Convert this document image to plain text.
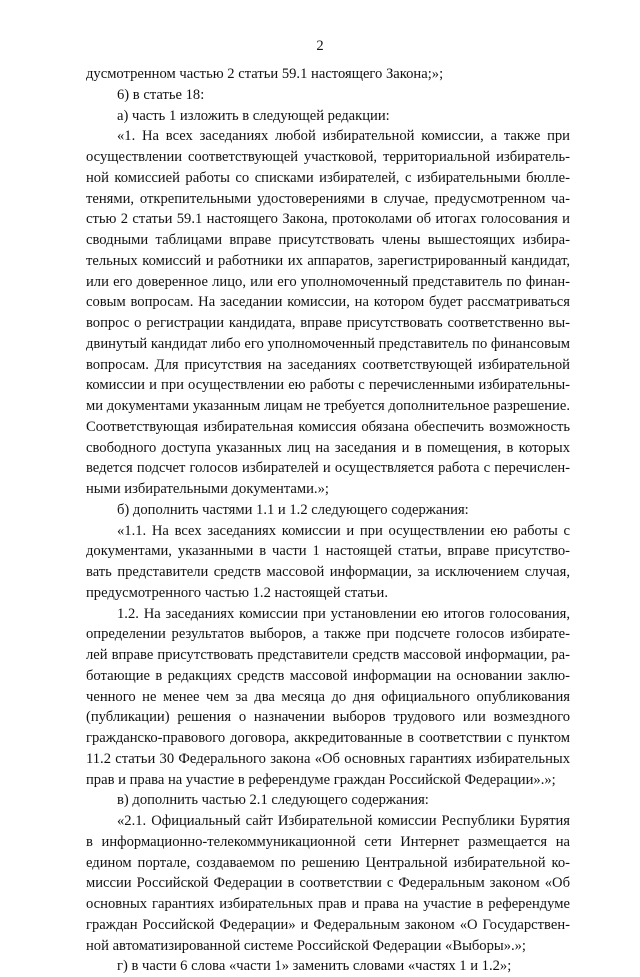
2
дусмотренном частью 2 статьи 59.1 настоящего Закона;»;
6) в статье 18:
а) часть 1 изложить в следующей редакции:
«1. На всех заседаниях любой избирательной комиссии, а также при
осуществлении соответствующей участковой, территориальной избиратель-
ной комиссией работы со списками избирателей, с избирательными бюлле-
тенями, открепительными удостоверениями в случае, предусмотренном ча-
стью 2 статьи 59.1 настоящего Закона, протоколами об итогах голосования и
сводными таблицами вправе присутствовать члены вышестоящих избира-
тельных комиссий и работники их аппаратов, зарегистрированный кандидат,
или его доверенное лицо, или его уполномоченный представитель по финан-
совым вопросам. На заседании комиссии, на котором будет рассматриваться
вопрос о регистрации кандидата, вправе присутствовать соответственно вы-
двинутый кандидат либо его уполномоченный представитель по финансовым
вопросам. Для присутствия на заседаниях соответствующей избирательной
комиссии и при осуществлении ею работы с перечисленными избирательны-
ми документами указанным лицам не требуется дополнительное разрешение.
Соответствующая избирательная комиссия обязана обеспечить возможность
свободного доступа указанных лиц на заседания и в помещения, в которых
ведется подсчет голосов избирателей и осуществляется работа с перечислен-
ными избирательными документами.»;
б) дополнить частями 1.1 и 1.2 следующего содержания:
«1.1. На всех заседаниях комиссии и при осуществлении ею работы с
документами, указанными в части 1 настоящей статьи, вправе присутство-
вать представители средств массовой информации, за исключением случая,
предусмотренного частью 1.2 настоящей статьи.
1.2. На заседаниях комиссии при установлении ею итогов голосования,
определении результатов выборов, а также при подсчете голосов избирате-
лей вправе присутствовать представители средств массовой информации, ра-
ботающие в редакциях средств массовой информации на основании заклю-
ченного не менее чем за два месяца до дня официального опубликования
(публикации) решения о назначении выборов трудового или возмездного
гражданско-правового договора, аккредитованные в соответствии с пунктом
11.2 статьи 30 Федерального закона «Об основных гарантиях избирательных
прав и права на участие в референдуме граждан Российской Федерации».»;
в) дополнить частью 2.1 следующего содержания:
«2.1. Официальный сайт Избирательной комиссии Республики Бурятия
в информационно-телекоммуникационной сети Интернет размещается на
едином портале, создаваемом по решению Центральной избирательной ко-
миссии Российской Федерации в соответствии с Федеральным законом «Об
основных гарантиях избирательных прав и права на участие в референдуме
граждан Российской Федерации» и Федеральным законом «О Государствен-
ной автоматизированной системе Российской Федерации «Выборы».»;
г) в части 6 слова «части 1» заменить словами «частях 1 и 1.2»;
